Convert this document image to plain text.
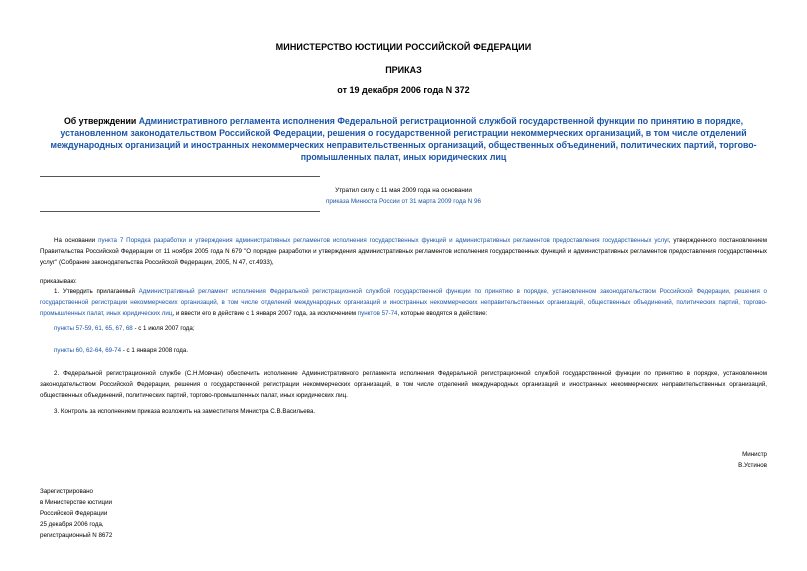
МИНИСТЕРСТВО ЮСТИЦИИ РОССИЙСКОЙ ФЕДЕРАЦИИ
ПРИКАЗ
от 19 декабря 2006 года N 372
Об утверждении Административного регламента исполнения Федеральной регистрационной службой государственной функции по принятию в порядке, установленном законодательством Российской Федерации, решения о государственной регистрации некоммерческих организаций, в том числе отделений международных организаций и иностранных некоммерческих неправительственных организаций, общественных объединений, политических партий, торгово-промышленных палат, иных юридических лиц
Утратил силу с 11 мая 2009 года на основании
приказа Минюста России от 31 марта 2009 года N 96

На основании пункта 7 Порядка разработки и утверждения административных регламентов исполнения государственных функций и административных регламентов предоставления государственных услуг, утвержденного постановлением Правительства Российской Федерации от 11 ноября 2005 года N 679 "О порядке разработки и утверждения административных регламентов исполнения государственных функций и административных регламентов предоставления государственных услуг" (Собрание законодательства Российской Федерации, 2005, N 47, ст.4933),

приказываю:

1. Утвердить прилагаемый Административный регламент исполнения Федеральной регистрационной службой государственной функции по принятию в порядке, установленном законодательством Российской Федерации, решения о государственной регистрации некоммерческих организаций, в том числе отделений международных организаций и иностранных некоммерческих неправительственных организаций, общественных объединений, политических партий, торгово-промышленных палат, иных юридических лиц, и ввести его в действие с 1 января 2007 года, за исключением пунктов 57-74, которые вводятся в действие:

пункты 57-59, 61, 65, 67, 68 - с 1 июля 2007 года;

пункты 60, 62-64, 69-74 - с 1 января 2008 года.

2. Федеральной регистрационной службе (С.Н.Мовчан) обеспечить исполнение Административного регламента исполнения Федеральной регистрационной службой государственной функции по принятию в порядке, установленном законодательством Российской Федерации, решения о государственной регистрации некоммерческих организаций, в том числе отделений международных организаций и иностранных некоммерческих неправительственных организаций, общественных объединений, политических партий, торгово-промышленных палат, иных юридических лиц.

3. Контроль за исполнением приказа возложить на заместителя Министра С.В.Васильева.

Министр
В.Устинов
Зарегистрировано
в Министерстве юстиции
Российской Федерации
25 декабря 2006 года,
регистрационный N 8672
